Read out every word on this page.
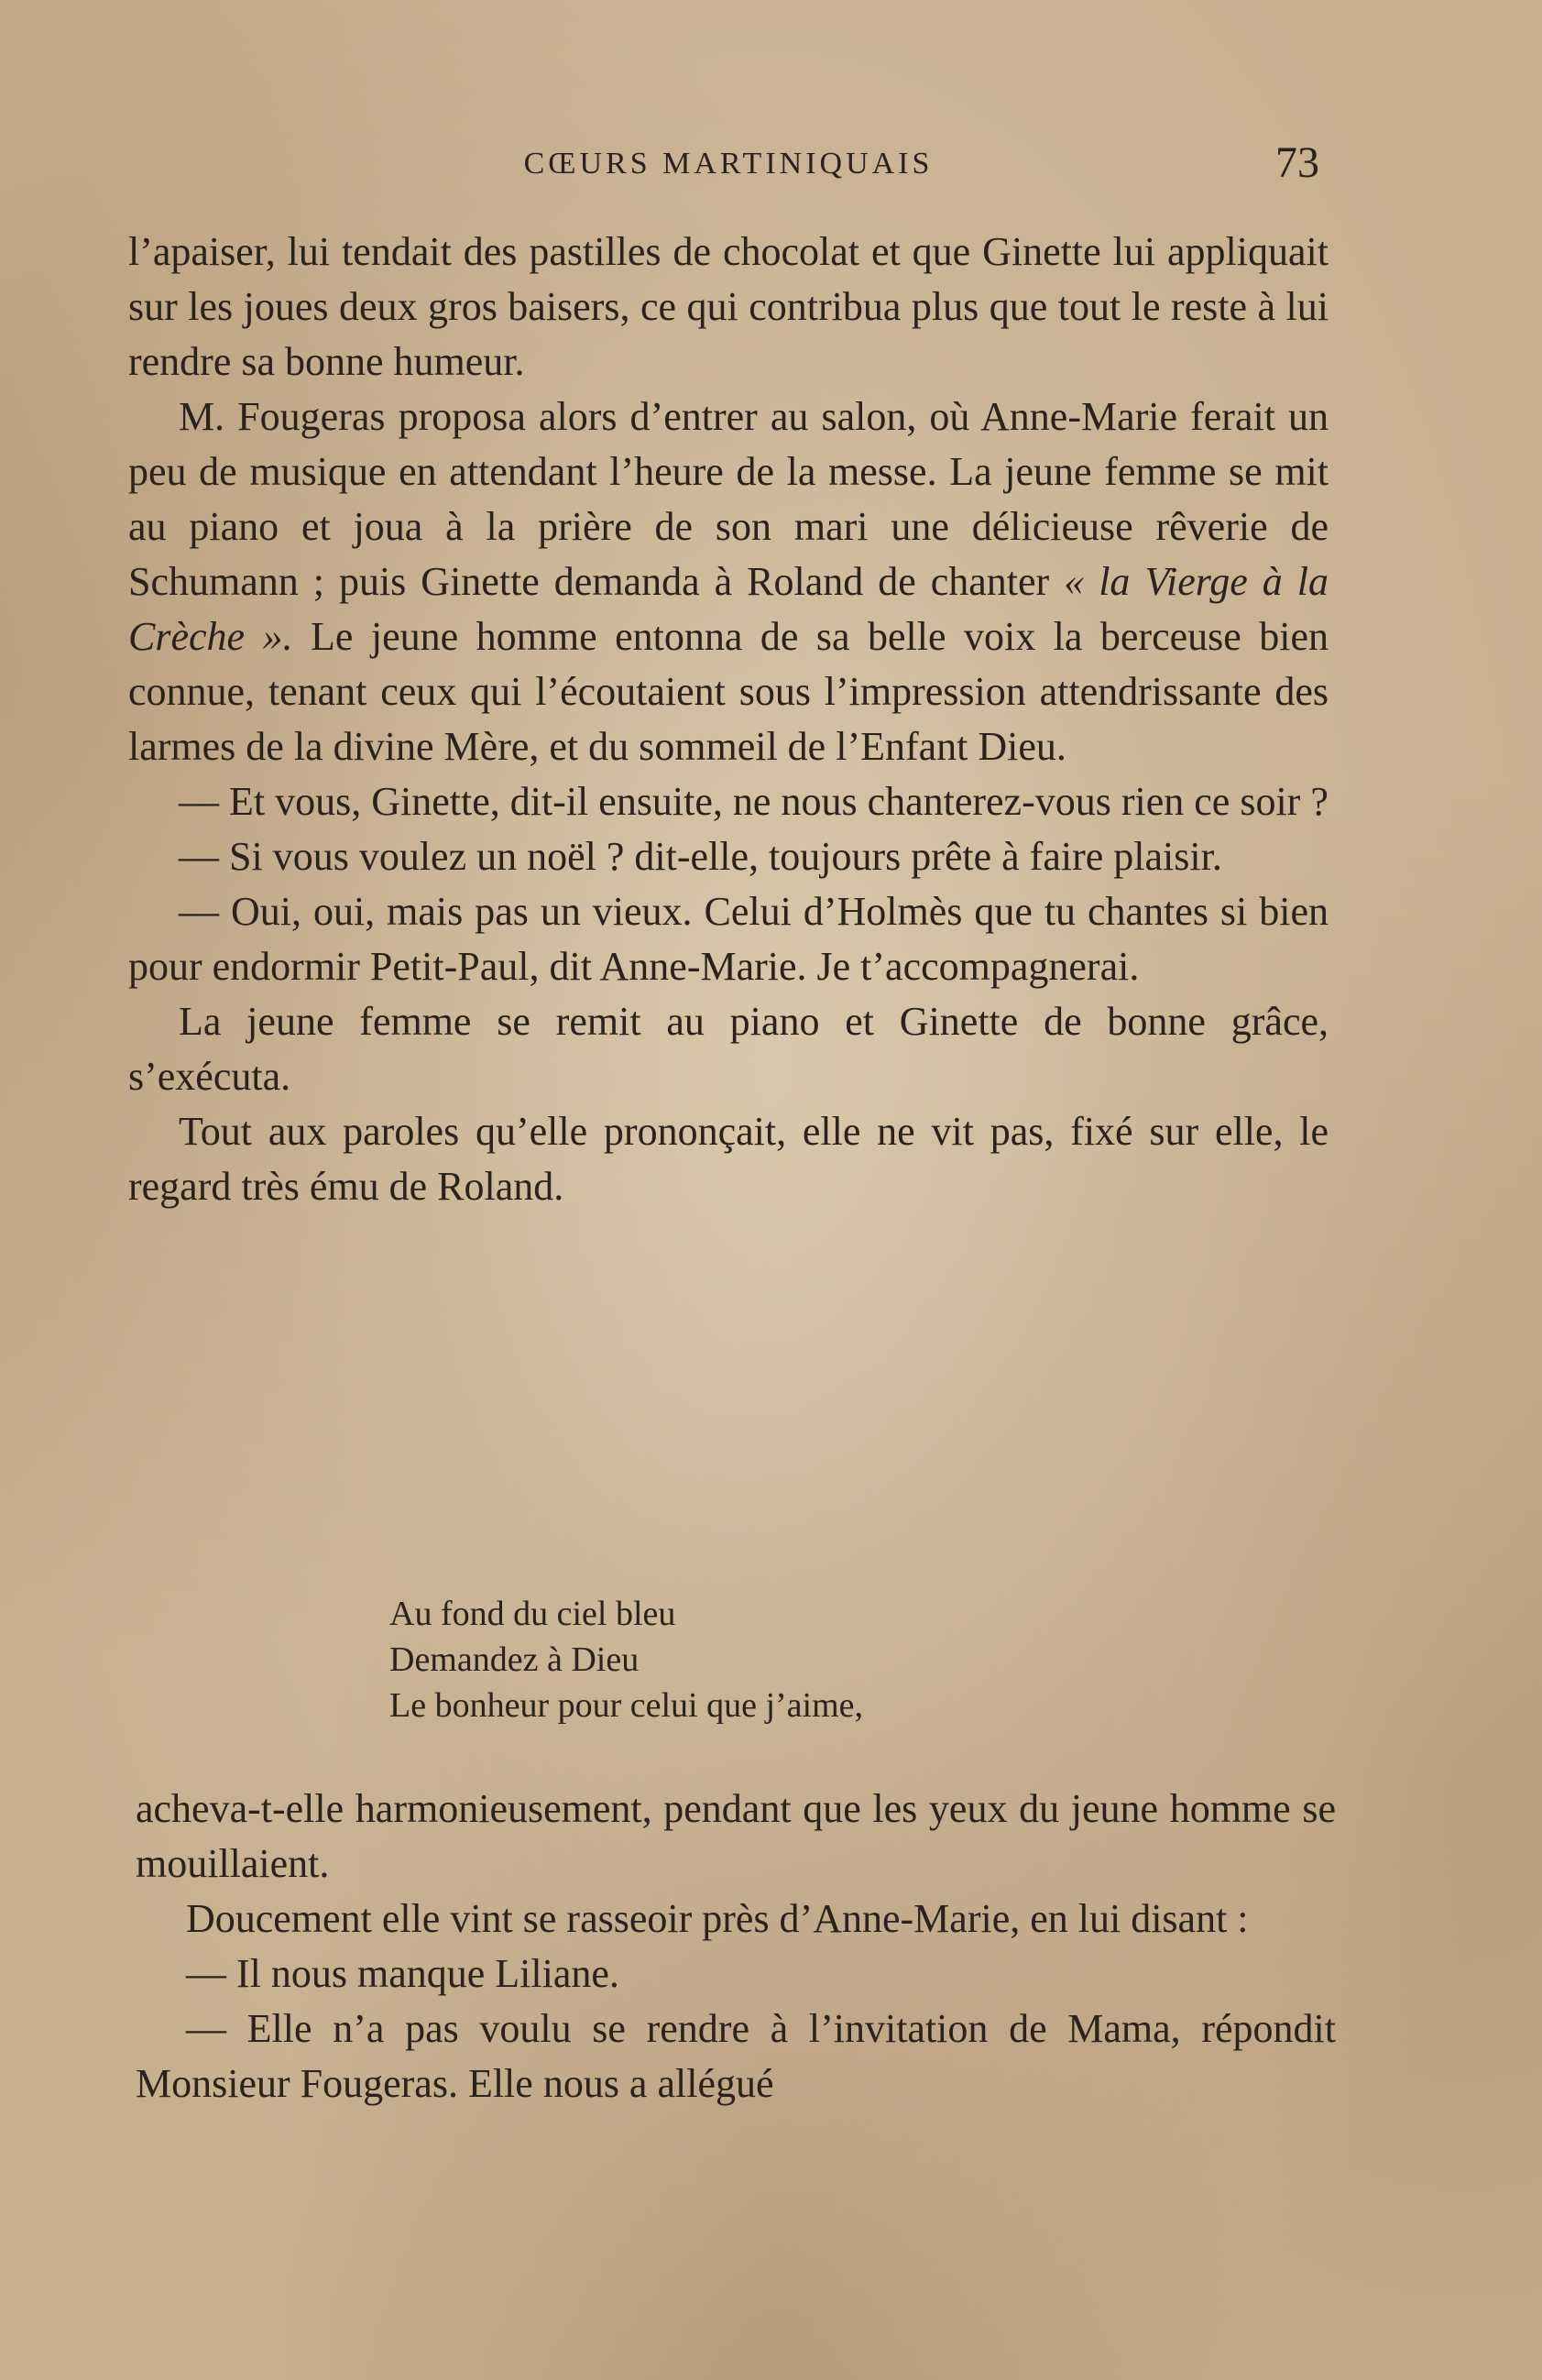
CŒURS MARTINIQUAIS	73

l’apaiser, lui tendait des pastilles de chocolat et que Ginette lui appliquait sur les joues deux gros baisers, ce qui contribua plus que tout le reste à lui rendre sa bonne humeur.

M. Fougeras proposa alors d’entrer au salon, où Anne-Marie ferait un peu de musique en attendant l’heure de la messe. La jeune femme se mit au piano et joua à la prière de son mari une délicieuse rêverie de Schumann ; puis Ginette demanda à Roland de chanter « la Vierge à la Crèche ». Le jeune homme entonna de sa belle voix la berceuse bien connue, tenant ceux qui l’écoutaient sous l’impression attendrissante des larmes de la divine Mère, et du sommeil de l’Enfant Dieu.

— Et vous, Ginette, dit-il ensuite, ne nous chanterez-vous rien ce soir ?

— Si vous voulez un noël ? dit-elle, toujours prête à faire plaisir.

— Oui, oui, mais pas un vieux. Celui d’Holmès que tu chantes si bien pour endormir Petit-Paul, dit Anne-Marie. Je t’accompagnerai.

La jeune femme se remit au piano et Ginette de bonne grâce, s’exécuta.

Tout aux paroles qu’elle prononçait, elle ne vit pas, fixé sur elle, le regard très ému de Roland.

Au fond du ciel bleu
Demandez à Dieu
Le bonheur pour celui que j’aime,

acheva-t-elle harmonieusement, pendant que les yeux du jeune homme se mouillaient.

Doucement elle vint se rasseoir près d’Anne-Marie, en lui disant :

— Il nous manque Liliane.

— Elle n’a pas voulu se rendre à l’invitation de Mama, répondit Monsieur Fougeras. Elle nous a allégué
